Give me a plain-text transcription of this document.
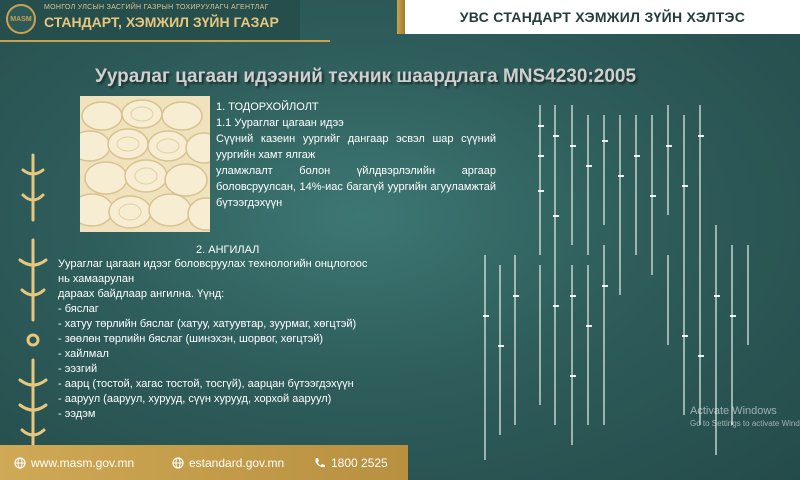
MASM
МОНГОЛ УЛСЫН ЗАСГИЙН ГАЗРЫН ТОХИРУУЛАГЧ АГЕНТЛАГ
СТАНДАРТ, ХЭМЖИЛ ЗҮЙН ГАЗАР	УВС СТАНДАРТ ХЭМЖИЛ ЗҮЙН ХЭЛТЭС
Ууралаг цагаан идээний техник шаардлага MNS4230:2005
1. ТОДОРХОЙЛОЛТ
1.1 Уураглаг цагаан идээ
Сүүний казеин уургийг дангаар эсвэл шар сүүний уургийн хамт ялгаж
уламжлалт болон үйлдвэрлэлийн аргаар боловсруулсан, 14%-иас багагүй уургийн агууламжтай бүтээгдэхүүн
2. АНГИЛАЛ
Уураглаг цагаан идээг боловсруулах технологийн онцлогоос
нь хамаарулан
дараах байдлаар ангилна. Үүнд:
- бяслаг
- хатуу төрлийн бяслаг (хатуу, хатуувтар, зуурмаг, хөгцтэй)
- зөөлөн төрлийн бяслаг (шинэхэн, шорвог, хөгцтэй)
- хайлмал
- ээзгий
- аарц (тостой, хагас тостой, тосгүй), аарцан бүтээгдэхүүн
- ааруул (ааруул, хурууд, сүүн хурууд, хорхой ааруул)
- ээдэм
www.masm.gov.mn	estandard.gov.mn	1800 2525
Activate Windows
Go to Settings to activate Wind
